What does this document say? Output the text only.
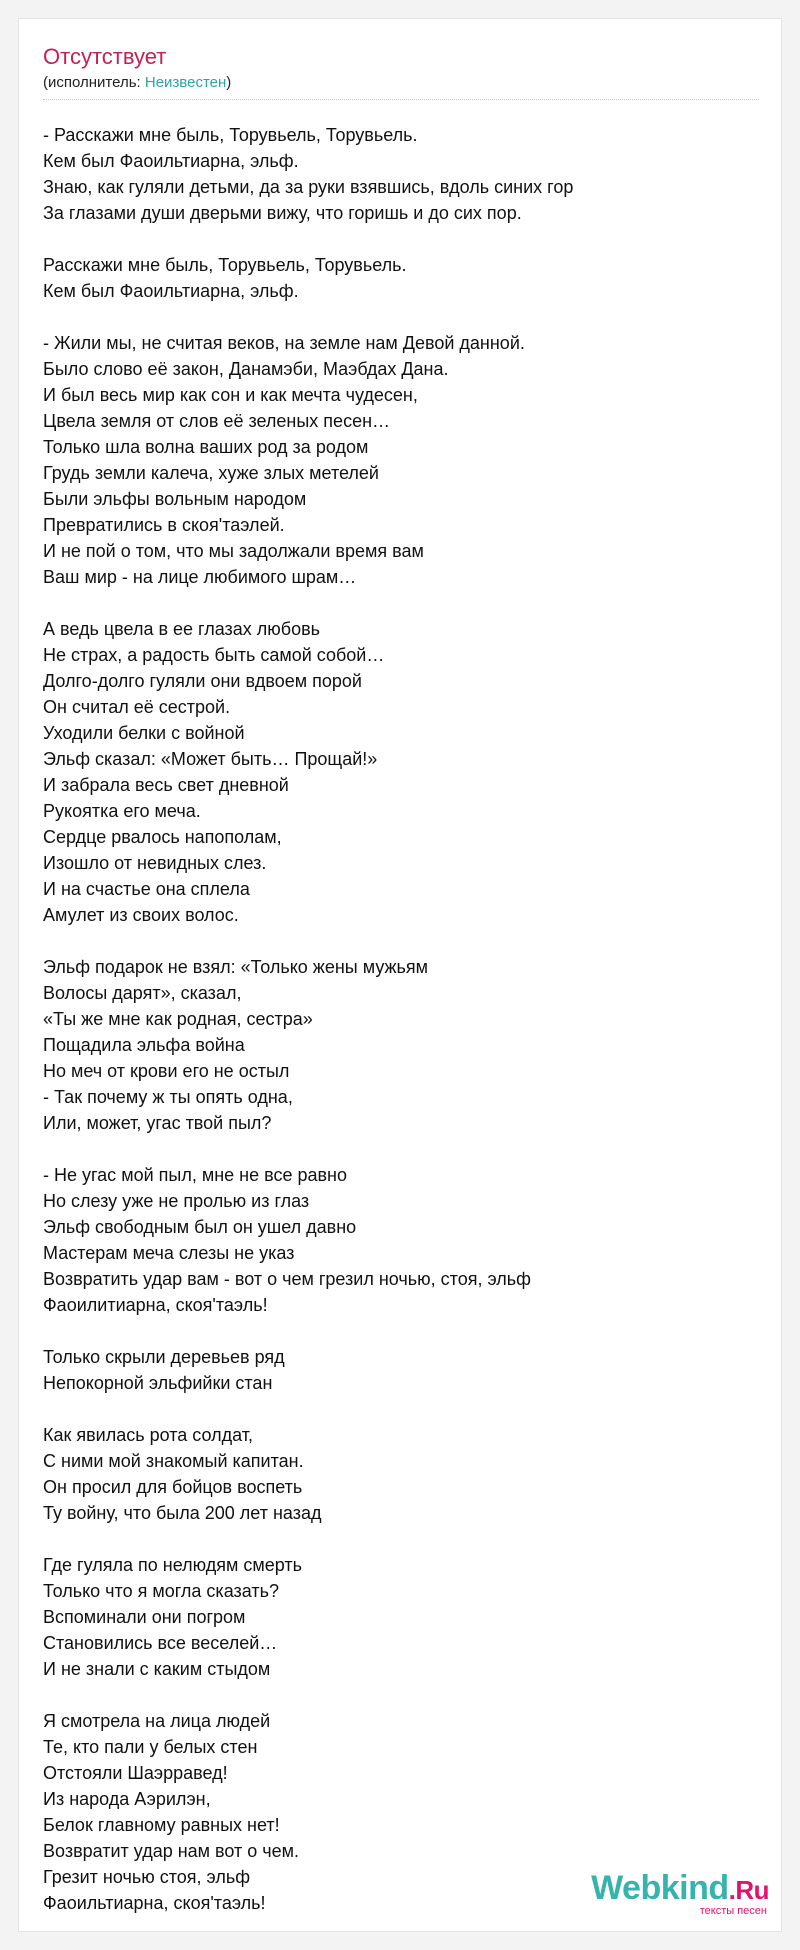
Отсутствует
(исполнитель: Неизвестен)
- Расскажи мне быль, Торувьель, Торувьель.
Кем был Фаоильтиарна, эльф.
Знаю, как гуляли детьми, да за руки взявшись, вдоль синих гор
За глазами души дверьми вижу, что горишь и до сих пор.
Расскажи мне быль, Торувьель, Торувьель.
Кем был Фаоильтиарна, эльф.
- Жили мы, не считая веков, на земле нам Девой данной.
Было слово её закон, Данамэби, Маэбдах Дана.
И был весь мир как сон и как мечта чудесен,
Цвела земля от слов её зеленых песен…
Только шла волна ваших род за родом
Грудь земли калеча, хуже злых метелей
Были эльфы вольным народом
Превратились в скоя'таэлей.
И не пой о том, что мы задолжали время вам
Ваш мир - на лице любимого шрам…
А ведь цвела в ее глазах любовь
Не страх, а радость быть самой собой…
Долго-долго гуляли они вдвоем порой
Он считал её сестрой.
Уходили белки с войной
Эльф сказал: «Может быть… Прощай!»
И забрала весь свет дневной
Рукоятка его меча.
Сердце рвалось напополам,
Изошло от невидных слез.
И на счастье она сплела
Амулет из своих волос.
Эльф подарок не взял: «Только жены мужьям
Волосы дарят», сказал,
«Ты же мне как родная, сестра»
Пощадила эльфа война
Но меч от крови его не остыл
- Так почему ж ты опять одна,
Или, может, угас твой пыл?
- Не угас мой пыл, мне не все равно
Но слезу уже не пролью из глаз
Эльф свободным был он ушел давно
Мастерам меча слезы не указ
Возвратить удар вам - вот о чем грезил ночью, стоя, эльф
Фаоилитиарна, скоя'таэль!
Только скрыли деревьев ряд
Непокорной эльфийки стан
Как явилась рота солдат,
С ними мой знакомый капитан.
Он просил для бойцов воспеть
Ту войну, что была 200 лет назад
Где гуляла по нелюдям смерть
Только что я могла сказать?
Вспоминали они погром
Становились все веселей…
И не знали с каким стыдом
Я смотрела на лица людей
Те, кто пали у белых стен
Отстояли Шаэрравед!
Из народа Аэрилэн,
Белок главному равных нет!
Возвратит удар нам вот о чем.
Грезит ночью стоя, эльф
Фаоильтиарна, скоя'таэль!	Webkind.Ru
тексты песен
